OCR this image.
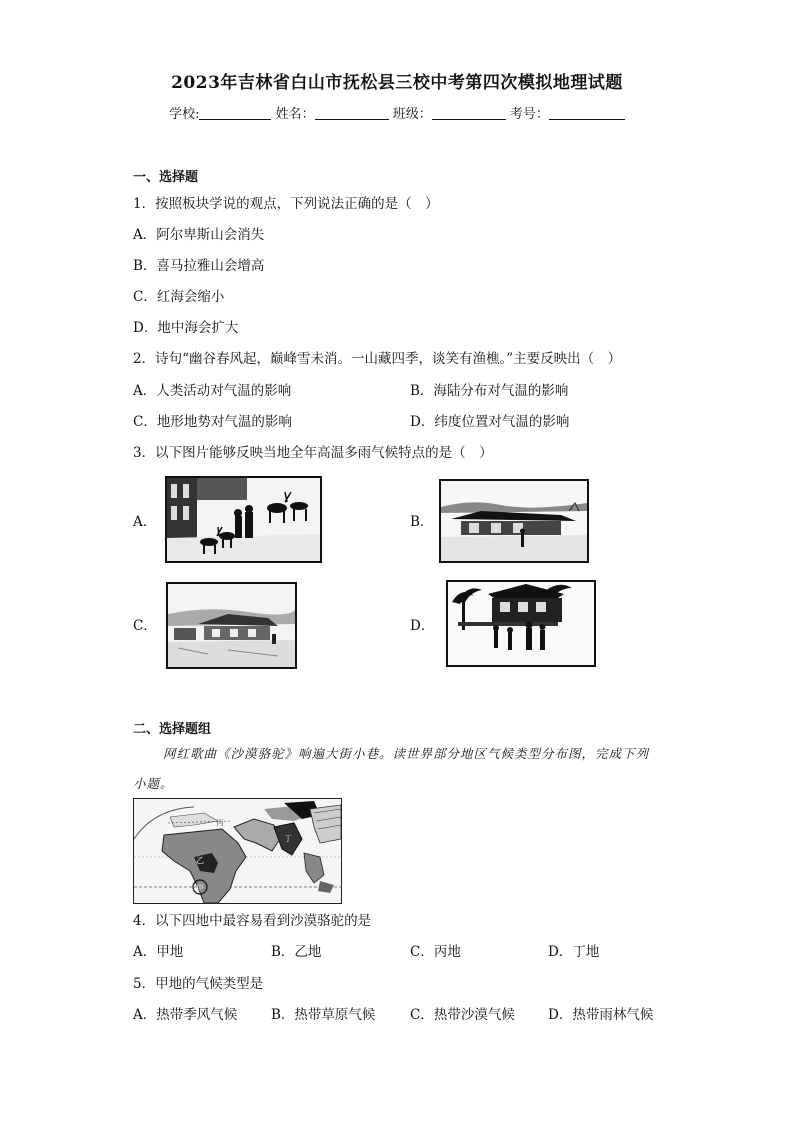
2023年吉林省白山市抚松县三校中考第四次模拟地理试题
学校:	姓名：	班级：	考号：
一、选择题
1．按照板块学说的观点，下列说法正确的是（　）
A．阿尔卑斯山会消失
B．喜马拉雅山会增高
C．红海会缩小
D．地中海会扩大
2．诗句“幽谷春风起，巅峰雪未消。一山藏四季，谈笑有渔樵。”主要反映出（　）
A．人类活动对气温的影响	B．海陆分布对气温的影响
C．地形地势对气温的影响	D．纬度位置对气温的影响
3．以下图片能够反映当地全年高温多雨气候特点的是（　）
A．	B．
C．	D．
二、选择题组
网红歌曲《沙漠骆驼》响遍大街小巷。读世界部分地区气候类型分布图，完成下列
小题。
甲
乙
丙
丁
4．以下四地中最容易看到沙漠骆驼的是
A．甲地	B．乙地	C．丙地	D．丁地
5．甲地的气候类型是
A．热带季风气候	B．热带草原气候	C．热带沙漠气候 D．热带雨林气候
